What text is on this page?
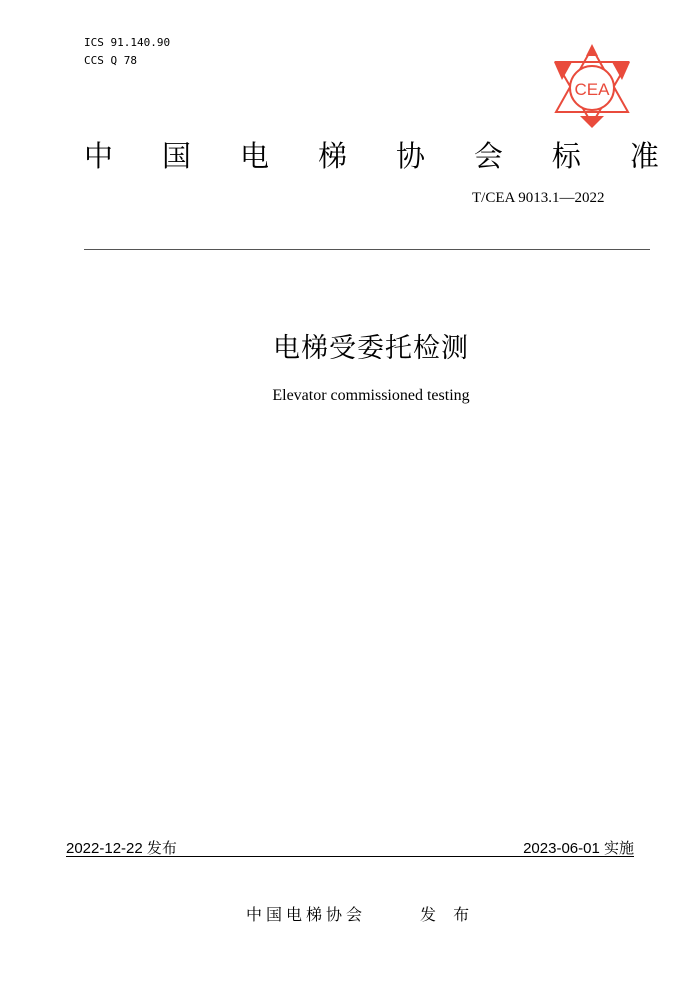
ICS 91.140.90
CCS Q 78
CEA
中 国 电 梯 协 会 标 准
T/CEA 9013.1—2022
电梯受委托检测
Elevator commissioned testing
2022-12-22 发布	2023-06-01 实施
中国电梯协会	发 布
